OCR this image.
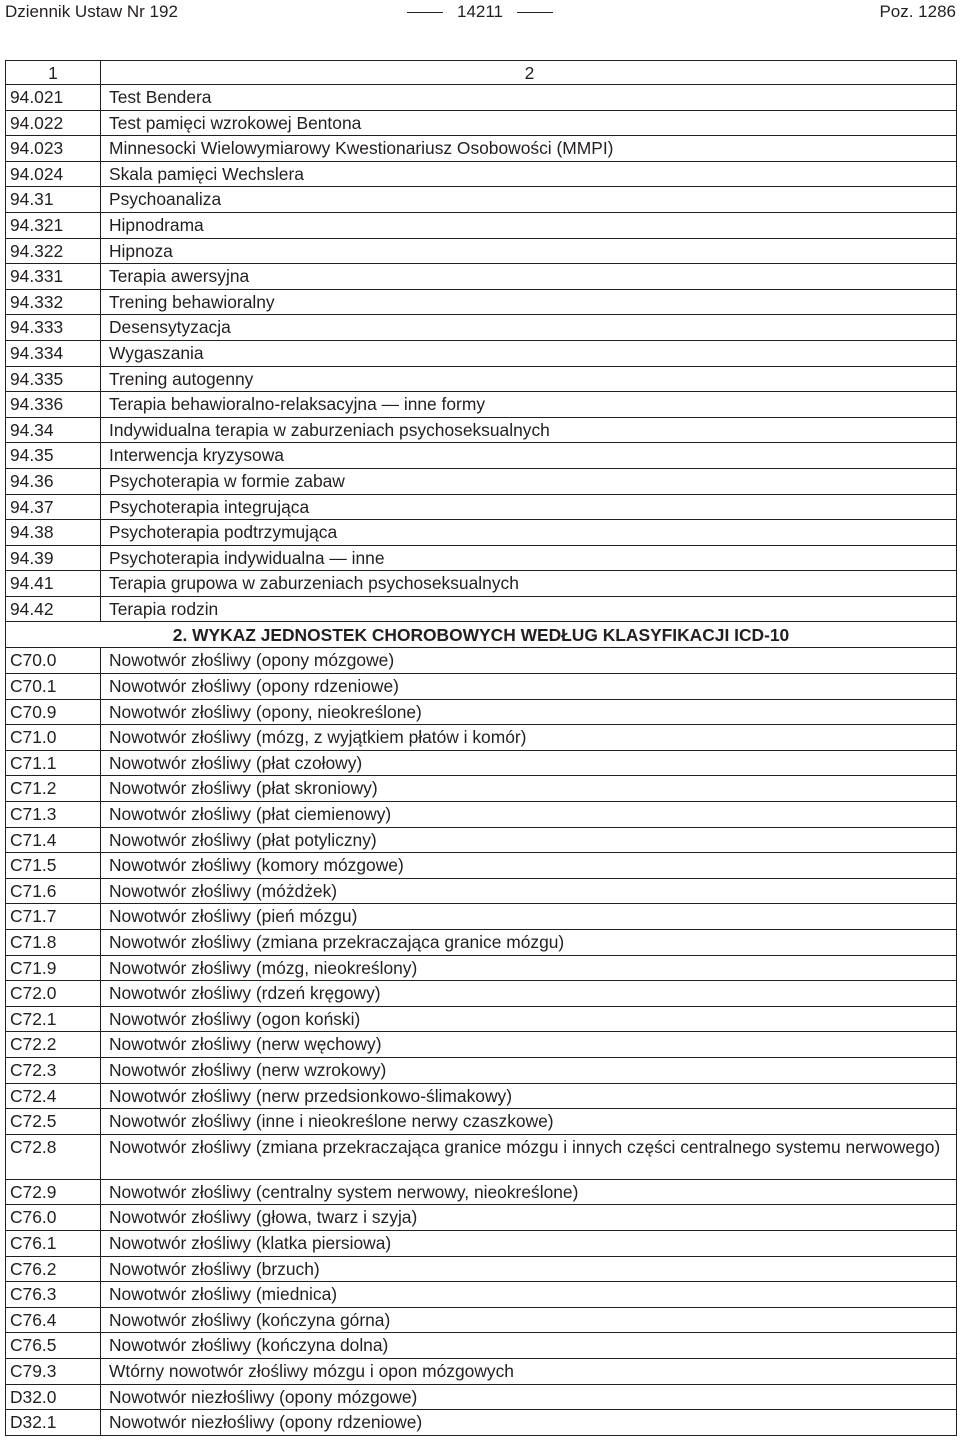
Dziennik Ustaw Nr 192	14211	Poz. 1286
1	2
94.021	Test Bendera
94.022	Test pamięci wzrokowej Bentona
94.023	Minnesocki Wielowymiarowy Kwestionariusz Osobowości (MMPI)
94.024	Skala pamięci Wechslera
94.31	Psychoanaliza
94.321	Hipnodrama
94.322	Hipnoza
94.331	Terapia awersyjna
94.332	Trening behawioralny
94.333	Desensytyzacja
94.334	Wygaszania
94.335	Trening autogenny
94.336	Terapia behawioralno-relaksacyjna — inne formy
94.34	Indywidualna terapia w zaburzeniach psychoseksualnych
94.35	Interwencja kryzysowa
94.36	Psychoterapia w formie zabaw
94.37	Psychoterapia integrująca
94.38	Psychoterapia podtrzymująca
94.39	Psychoterapia indywidualna — inne
94.41	Terapia grupowa w zaburzeniach psychoseksualnych
94.42	Terapia rodzin
2. WYKAZ JEDNOSTEK CHOROBOWYCH WEDŁUG KLASYFIKACJI ICD-10	
C70.0	Nowotwór złośliwy (opony mózgowe)
C70.1	Nowotwór złośliwy (opony rdzeniowe)
C70.9	Nowotwór złośliwy (opony, nieokreślone)
C71.0	Nowotwór złośliwy (mózg, z wyjątkiem płatów i komór)
C71.1	Nowotwór złośliwy (płat czołowy)
C71.2	Nowotwór złośliwy (płat skroniowy)
C71.3	Nowotwór złośliwy (płat ciemienowy)
C71.4	Nowotwór złośliwy (płat potyliczny)
C71.5	Nowotwór złośliwy (komory mózgowe)
C71.6	Nowotwór złośliwy (móżdżek)
C71.7	Nowotwór złośliwy (pień mózgu)
C71.8	Nowotwór złośliwy (zmiana przekraczająca granice mózgu)
C71.9	Nowotwór złośliwy (mózg, nieokreślony)
C72.0	Nowotwór złośliwy (rdzeń kręgowy)
C72.1	Nowotwór złośliwy (ogon koński)
C72.2	Nowotwór złośliwy (nerw węchowy)
C72.3	Nowotwór złośliwy (nerw wzrokowy)
C72.4	Nowotwór złośliwy (nerw przedsionkowo-ślimakowy)
C72.5	Nowotwór złośliwy (inne i nieokreślone nerwy czaszkowe)
C72.8	Nowotwór złośliwy (zmiana przekraczająca granice mózgu i innych części centralnego systemu nerwowego)
C72.9	Nowotwór złośliwy (centralny system nerwowy, nieokreślone)
C76.0	Nowotwór złośliwy (głowa, twarz i szyja)
C76.1	Nowotwór złośliwy (klatka piersiowa)
C76.2	Nowotwór złośliwy (brzuch)
C76.3	Nowotwór złośliwy (miednica)
C76.4	Nowotwór złośliwy (kończyna górna)
C76.5	Nowotwór złośliwy (kończyna dolna)
C79.3	Wtórny nowotwór złośliwy mózgu i opon mózgowych
D32.0	Nowotwór niezłośliwy (opony mózgowe)
D32.1	Nowotwór niezłośliwy (opony rdzeniowe)
